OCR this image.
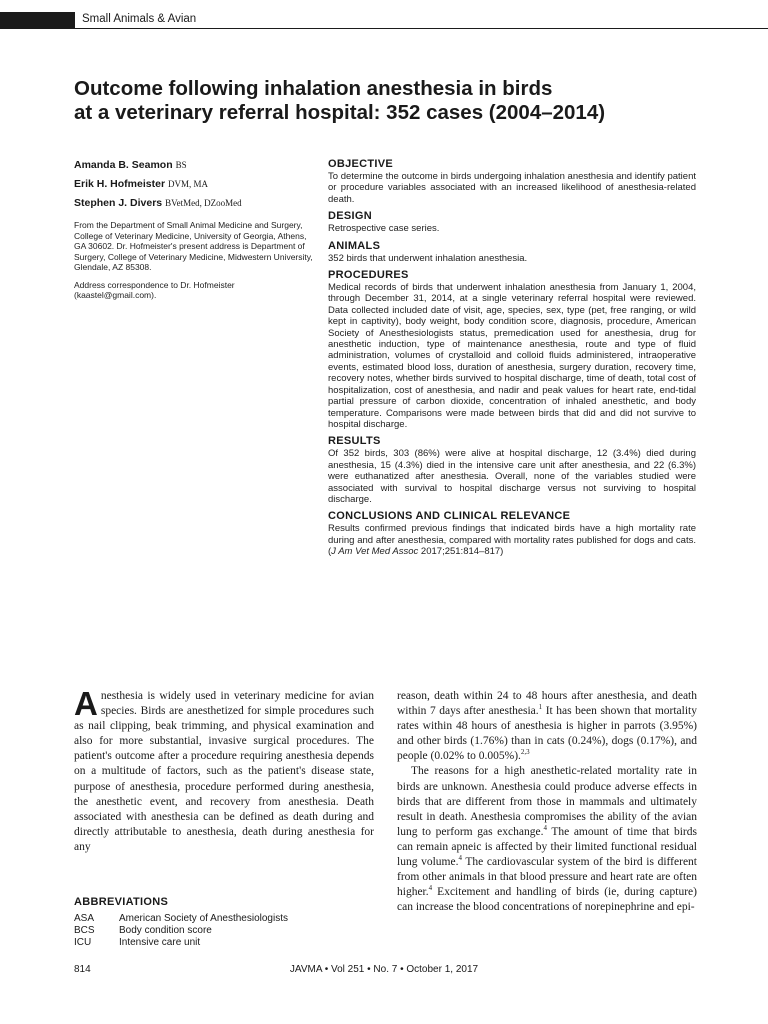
Small Animals & Avian
Outcome following inhalation anesthesia in birds
at a veterinary referral hospital: 352 cases (2004–2014)
Amanda B. Seamon BS
Erik H. Hofmeister DVM, MA
Stephen J. Divers BVetMed, DZooMed
From the Department of Small Animal Medicine and Surgery, College of Veterinary Medicine, University of Georgia, Athens, GA 30602. Dr. Hofmeister's present address is Department of Surgery, College of Veterinary Medicine, Midwestern University, Glendale, AZ 85308.
Address correspondence to Dr. Hofmeister (kaastel@gmail.com).
OBJECTIVE
To determine the outcome in birds undergoing inhalation anesthesia and identify patient or procedure variables associated with an increased likelihood of anesthesia-related death.
DESIGN
Retrospective case series.
ANIMALS
352 birds that underwent inhalation anesthesia.
PROCEDURES
Medical records of birds that underwent inhalation anesthesia from January 1, 2004, through December 31, 2014, at a single veterinary referral hospital were reviewed. Data collected included date of visit, age, species, sex, type (pet, free ranging, or wild kept in captivity), body weight, body condition score, diagnosis, procedure, American Society of Anesthesiologists status, premedication used for anesthesia, drug for anesthetic induction, type of maintenance anesthesia, route and type of fluid administration, volumes of crystalloid and colloid fluids administered, intraoperative events, estimated blood loss, duration of anesthesia, surgery duration, recovery time, recovery notes, whether birds survived to hospital discharge, time of death, total cost of hospitalization, cost of anesthesia, and nadir and peak values for heart rate, end-tidal partial pressure of carbon dioxide, concentration of inhaled anesthetic, and body temperature. Comparisons were made between birds that did and did not survive to hospital discharge.
RESULTS
Of 352 birds, 303 (86%) were alive at hospital discharge, 12 (3.4%) died during anesthesia, 15 (4.3%) died in the intensive care unit after anesthesia, and 22 (6.3%) were euthanatized after anesthesia. Overall, none of the variables studied were associated with survival to hospital discharge versus not surviving to hospital discharge.
CONCLUSIONS AND CLINICAL RELEVANCE
Results confirmed previous findings that indicated birds have a high mortality rate during and after anesthesia, compared with mortality rates published for dogs and cats. (J Am Vet Med Assoc 2017;251:814–817)
Anesthesia is widely used in veterinary medicine for avian species. Birds are anesthetized for simple procedures such as nail clipping, beak trimming, and physical examination and also for more substantial, invasive surgical procedures. The patient's outcome after a procedure requiring anesthesia depends on a multitude of factors, such as the patient's disease state, purpose of anesthesia, procedure performed during anesthesia, the anesthetic event, and recovery from anesthesia. Death associated with anesthesia can be defined as death during and directly attributable to anesthesia, death during anesthesia for any
reason, death within 24 to 48 hours after anesthesia, and death within 7 days after anesthesia.$^1$ It has been shown that mortality rates within 48 hours of anesthesia is higher in parrots (3.95%) and other birds (1.76%) than in cats (0.24%), dogs (0.17%), and people (0.02% to 0.005%).$^{2,3}$
The reasons for a high anesthetic-related mortality rate in birds are unknown. Anesthesia could produce adverse effects in birds that are different from those in mammals and ultimately result in death. Anesthesia compromises the ability of the avian lung to perform gas exchange.$^4$ The amount of time that birds can remain apneic is affected by their limited functional residual lung volume.$^4$ The cardiovascular system of the bird is different from other animals in that blood pressure and heart rate are often higher.$^4$ Excitement and handling of birds (ie, during capture) can increase the blood concentrations of norepinephrine and epi-
ABBREVIATIONS
ASA American Society of Anesthesiologists
BCS Body condition score
ICU	Intensive care unit
814	JAVMA • Vol 251 • No. 7 • October 1, 2017
